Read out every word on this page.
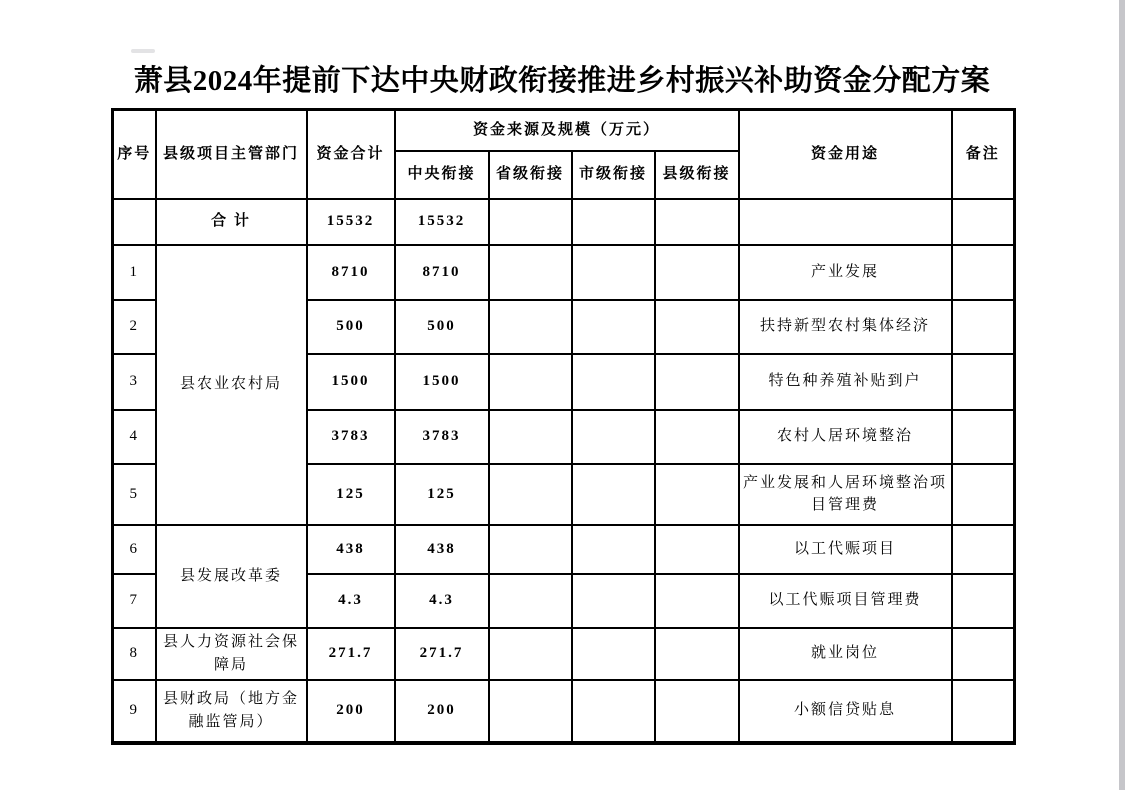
萧县2024年提前下达中央财政衔接推进乡村振兴补助资金分配方案
序号	县级项目主管部门	资金合计	资金来源及规模（万元）				资金用途	备注
			中央衔接	省级衔接	市级衔接	县级衔接		
	合 计	15532	15532					
1	县农业农村局	8710	8710				产业发展	
2		500	500				扶持新型农村集体经济	
3		1500	1500				特色种养殖补贴到户	
4		3783	3783				农村人居环境整治	
5		125	125				产业发展和人居环境整治项目管理费	
6	县发展改革委	438	438				以工代赈项目	
7		4.3	4.3				以工代赈项目管理费	
8	县人力资源社会保障局	271.7	271.7				就业岗位	
9	县财政局（地方金融监管局）	200	200				小额信贷贴息	
